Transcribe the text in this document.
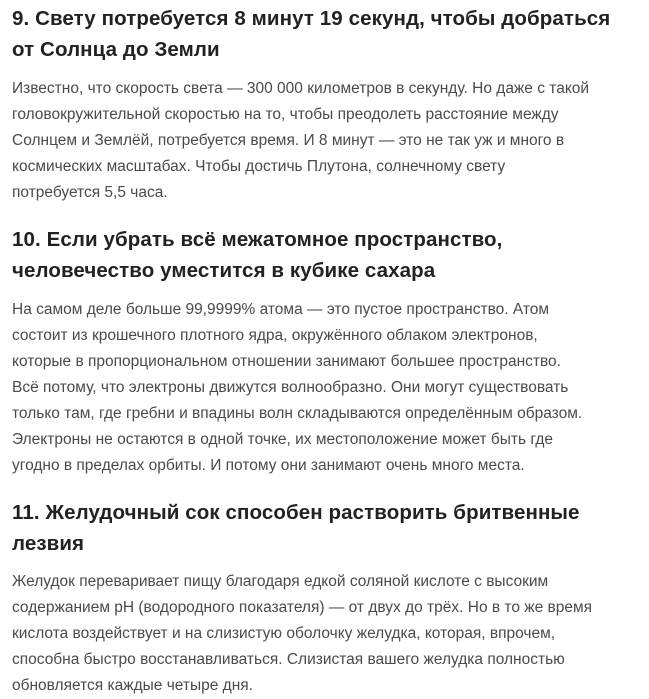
9. Свету потребуется 8 минут 19 секунд, чтобы добраться
от Солнца до Земли

Известно, что скорость света — 300 000 километров в секунду. Но даже с такой
головокружительной скоростью на то, чтобы преодолеть расстояние между
Солнцем и Землёй, потребуется время. И 8 минут — это не так уж и много в
космических масштабах. Чтобы достичь Плутона, солнечному свету
потребуется 5,5 часа.

10. Если убрать всё межатомное пространство,
человечество уместится в кубике сахара

На самом деле больше 99,9999% атома — это пустое пространство. Атом
состоит из крошечного плотного ядра, окружённого облаком электронов,
которые в пропорциональном отношении занимают большее пространство.
Всё потому, что электроны движутся волнообразно. Они могут существовать
только там, где гребни и впадины волн складываются определённым образом.
Электроны не остаются в одной точке, их местоположение может быть где
угодно в пределах орбиты. И потому они занимают очень много места.

11. Желудочный сок способен растворить бритвенные
лезвия

Желудок переваривает пищу благодаря едкой соляной кислоте с высоким
содержанием pH (водородного показателя) — от двух до трёх. Но в то же время
кислота воздействует и на слизистую оболочку желудка, которая, впрочем,
способна быстро восстанавливаться. Слизистая вашего желудка полностью
обновляется каждые четыре дня.
